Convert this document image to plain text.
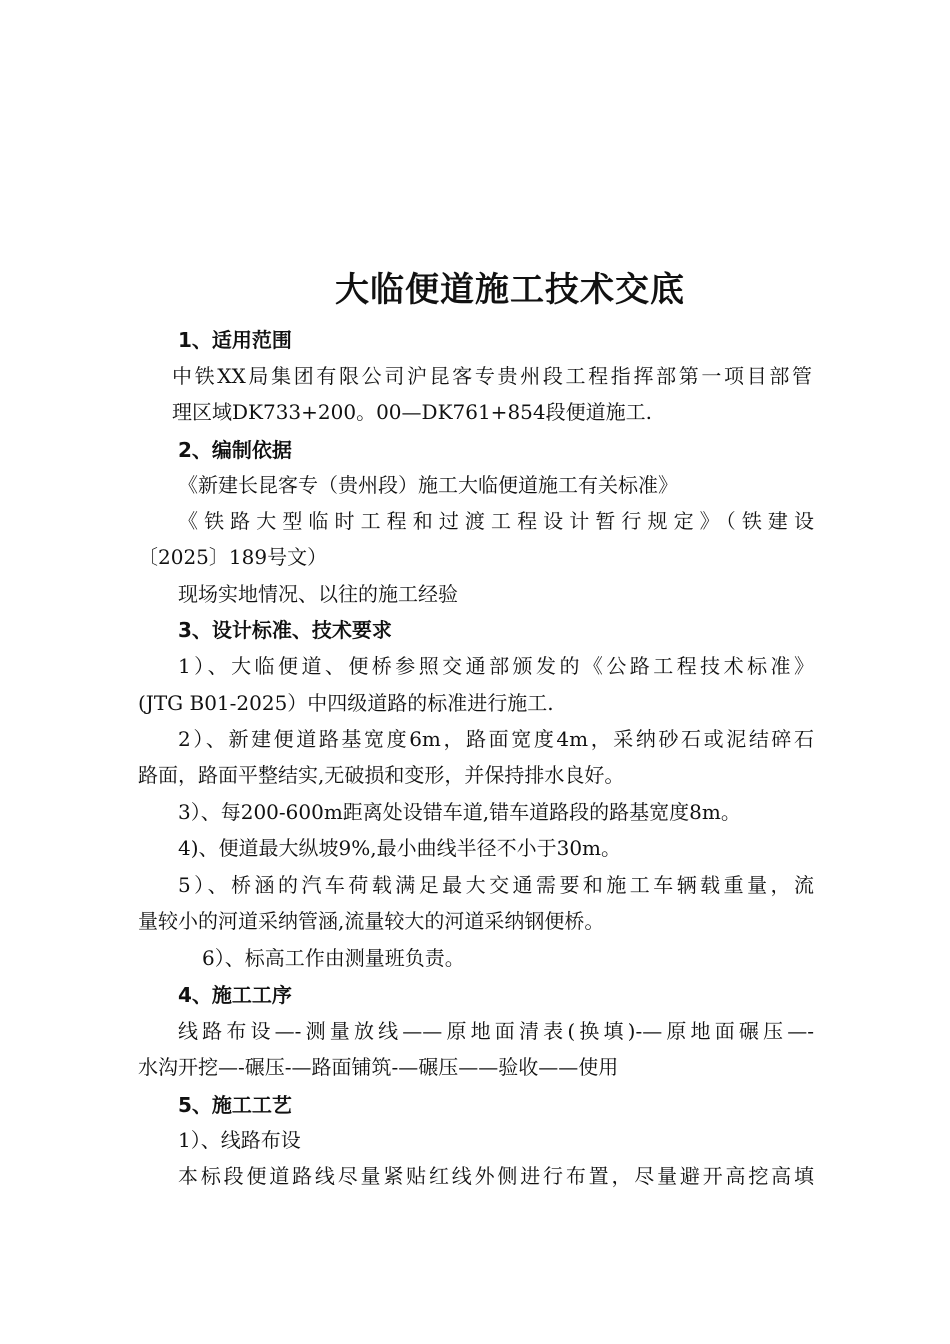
大临便道施工技术交底
1、适用范围
中铁XX局集团有限公司沪昆客专贵州段工程指挥部第一项目部管
理区域DK733+200。00—DK761+854段便道施工.
2、编制依据
《新建长昆客专（贵州段）施工大临便道施工有关标准》
《铁路大型临时工程和过渡工程设计暂行规定》（铁建设
〔2025〕189号文）
现场实地情况、以往的施工经验
3、设计标准、技术要求
1）、大临便道、便桥参照交通部颁发的《公路工程技术标准》
(JTG B01-2025）中四级道路的标准进行施工.
2）、新建便道路基宽度6m，路面宽度4m，采纳砂石或泥结碎石
路面，路面平整结实,无破损和变形，并保持排水良好。
3）、每200-600m距离处设错车道,错车道路段的路基宽度8m。
4)、便道最大纵坡9%,最小曲线半径不小于30m。
5）、桥涵的汽车荷载满足最大交通需要和施工车辆载重量，流
量较小的河道采纳管涵,流量较大的河道采纳钢便桥。
6）、标高工作由测量班负责。
4、施工工序
线路布设—-测量放线——原地面清表(换填)-—原地面碾压—-
水沟开挖—-碾压-—路面铺筑-—碾压——验收——使用
5、施工工艺
1）、线路布设
本标段便道路线尽量紧贴红线外侧进行布置，尽量避开高挖高填
